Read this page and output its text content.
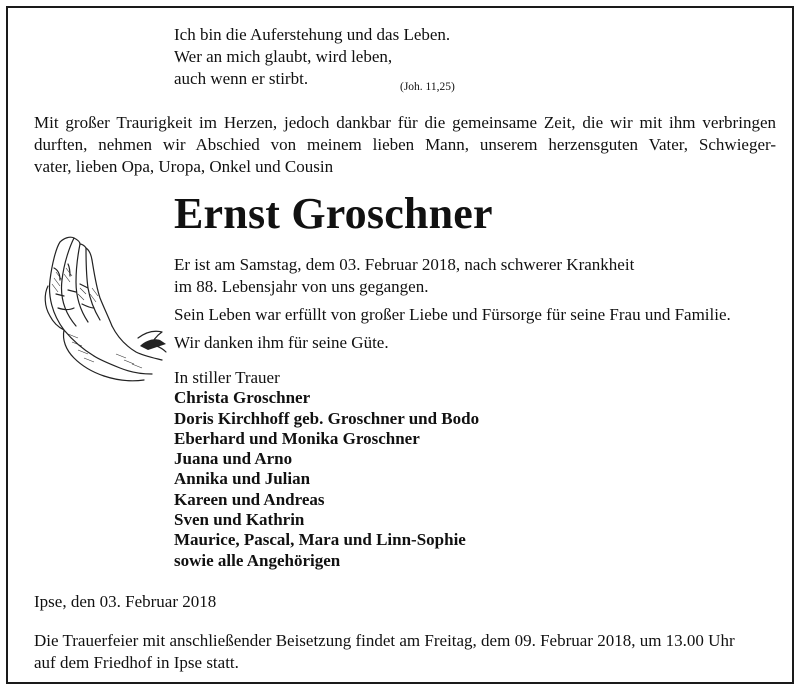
Ich bin die Auferstehung und das Leben.
Wer an mich glaubt, wird leben,
auch wenn er stirbt.	(Joh. 11,25)
Mit großer Traurigkeit im Herzen, jedoch dankbar für die gemeinsame Zeit, die wir mit ihm verbringen
durften, nehmen wir Abschied von meinem lieben Mann, unserem herzensguten Vater, Schwieger-
vater, lieben Opa, Uropa, Onkel und Cousin
Ernst Groschner

Er ist am Samstag, dem 03. Februar 2018, nach schwerer Krankheit

im 88. Lebensjahr von uns gegangen.

Sein Leben war erfüllt von großer Liebe und Fürsorge für seine Frau und Familie.

Wir danken ihm für seine Güte.

In stiller Trauer
Christa Groschner
Doris Kirchhoff geb. Groschner und Bodo
Eberhard und Monika Groschner
Juana und Arno
Annika und Julian
Kareen und Andreas
Sven und Kathrin
Maurice, Pascal, Mara und Linn-Sophie
sowie alle Angehörigen
Ipse, den 03. Februar 2018
Die Trauerfeier mit anschließender Beisetzung findet am Freitag, dem 09. Februar 2018, um 13.00 Uhr
auf dem Friedhof in Ipse statt.
